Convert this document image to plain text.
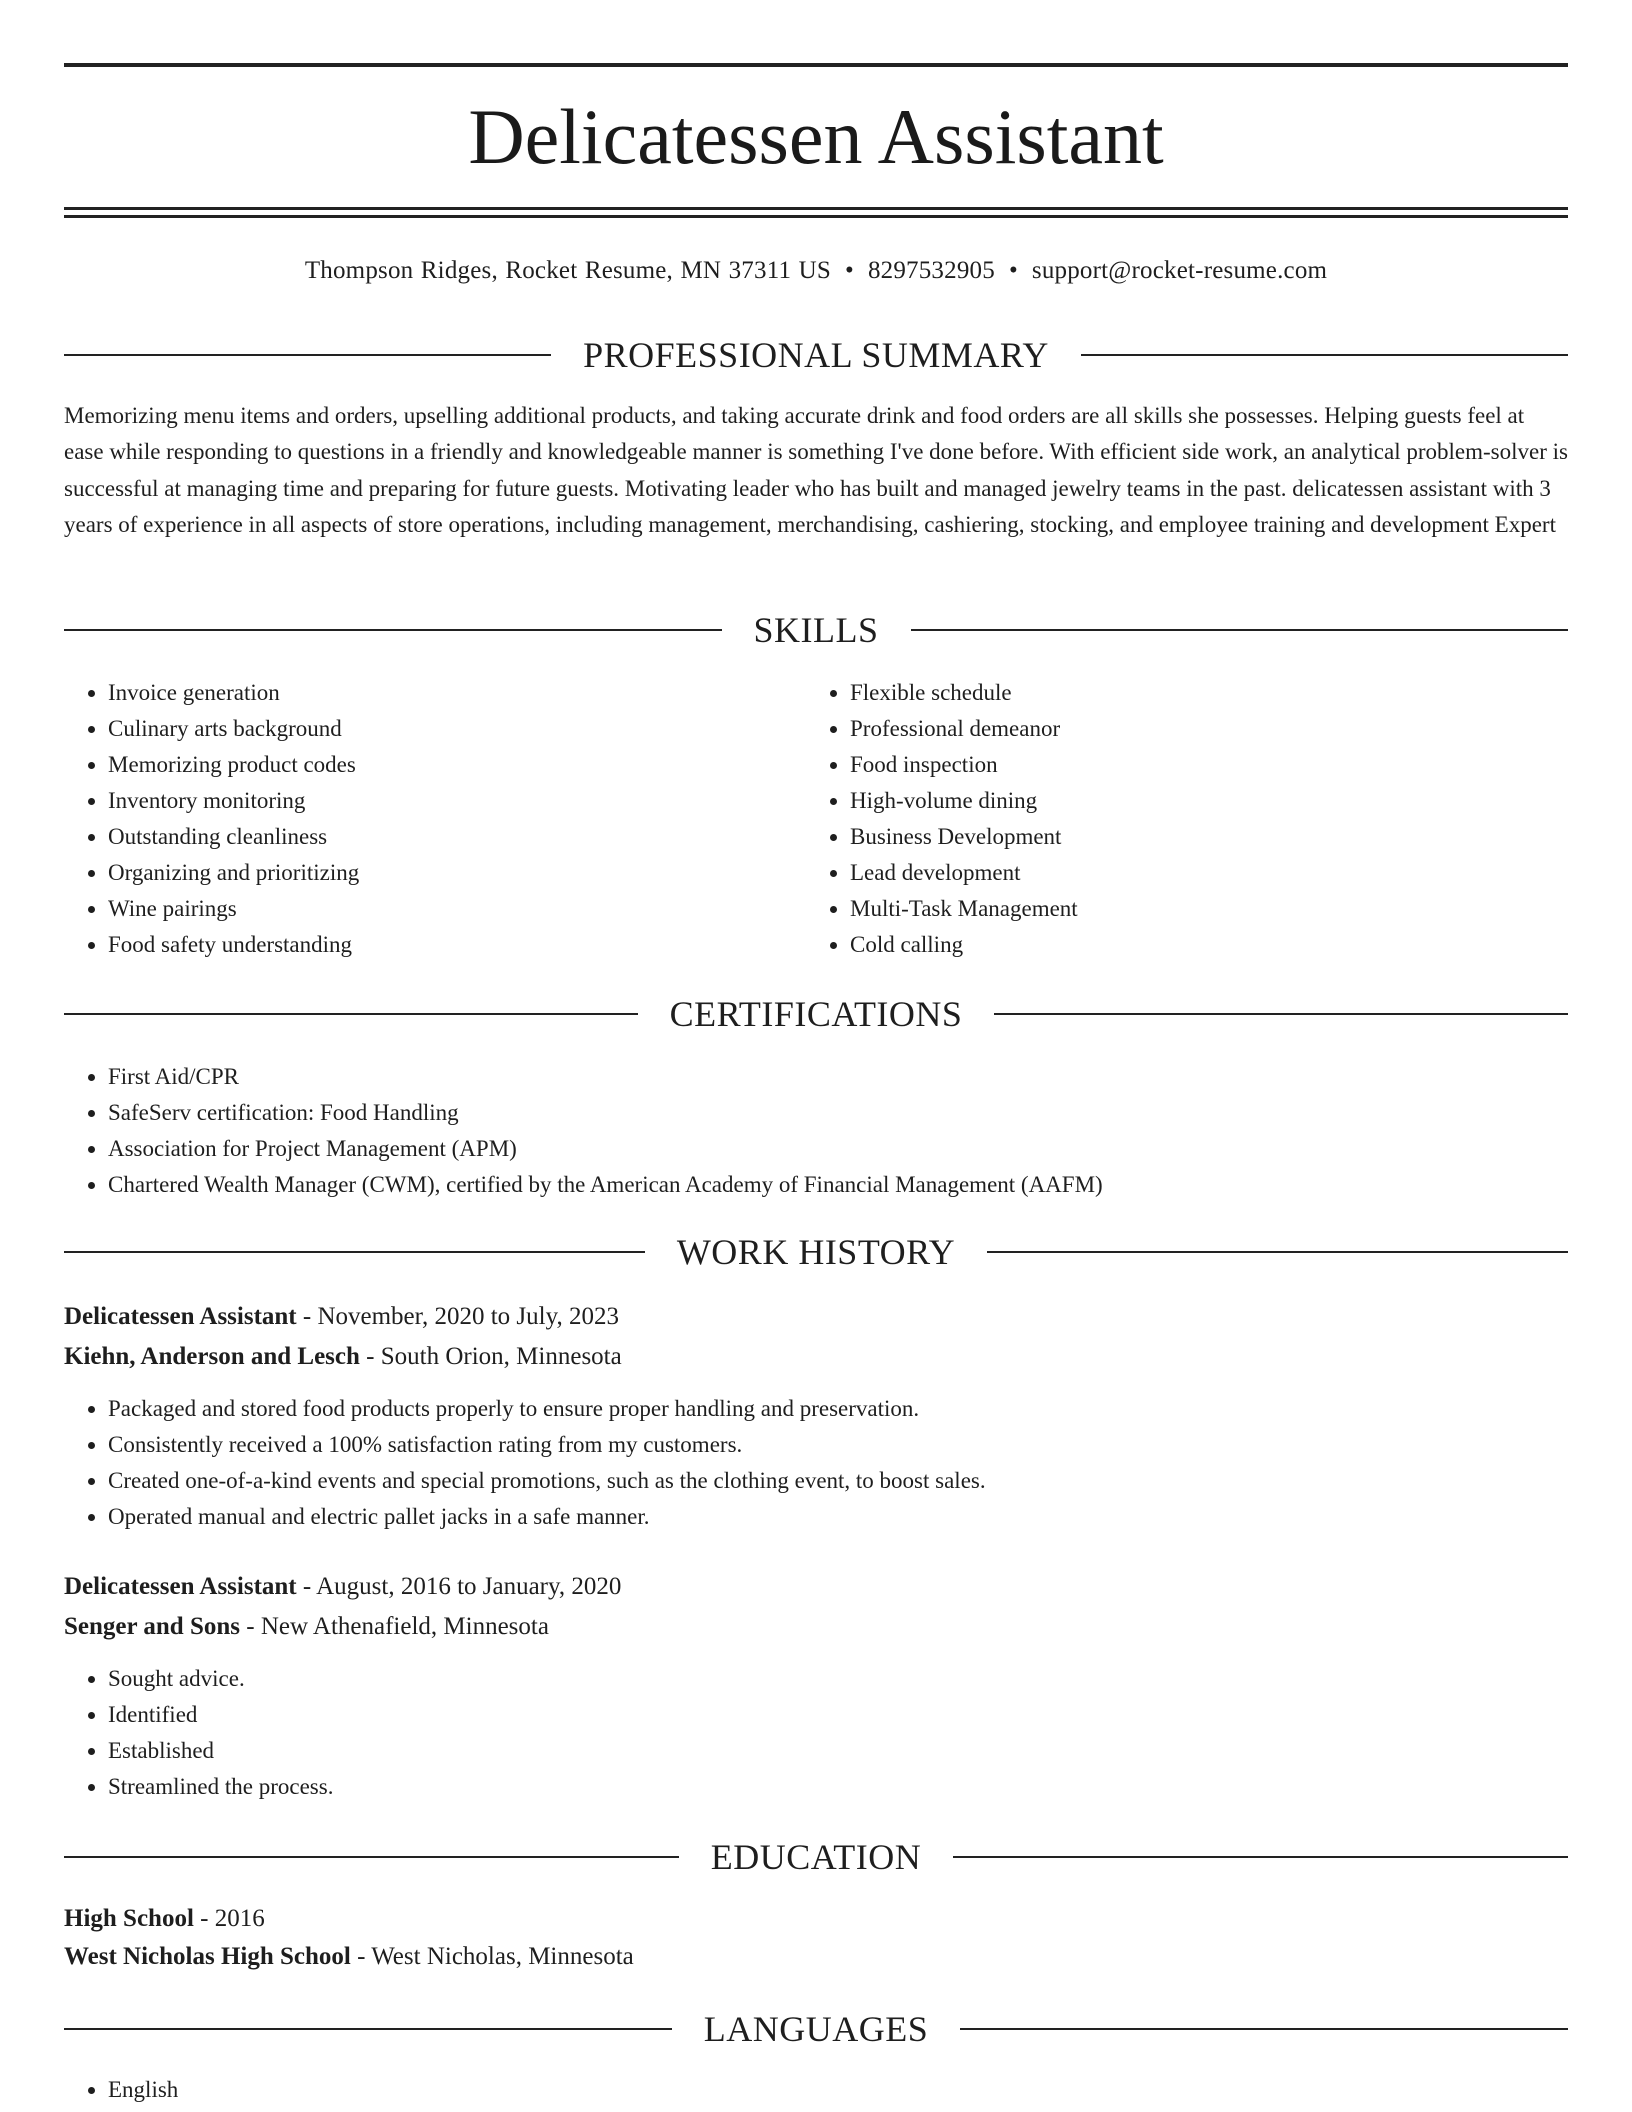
Delicatessen Assistant
Thompson Ridges, Rocket Resume, MN 37311 US • 8297532905 • support@rocket-resume.com
PROFESSIONAL SUMMARY

Memorizing menu items and orders, upselling additional products, and taking accurate drink and food orders are all skills she possesses. Helping guests feel at ease while responding to questions in a friendly and knowledgeable manner is something I've done before. With efficient side work, an analytical problem-solver is successful at managing time and preparing for future guests. Motivating leader who has built and managed jewelry teams in the past. delicatessen assistant with 3 years of experience in all aspects of store operations, including management, merchandising, cashiering, stocking, and employee training and development Expert

SKILLS
• Invoice generation
• Culinary arts background
• Memorizing product codes
• Inventory monitoring
• Outstanding cleanliness
• Organizing and prioritizing
• Wine pairings
• Food safety understanding
• Flexible schedule
• Professional demeanor
• Food inspection
• High-volume dining
• Business Development
• Lead development
• Multi-Task Management
• Cold calling
CERTIFICATIONS
• First Aid/CPR
• SafeServ certification: Food Handling
• Association for Project Management (APM)
• Chartered Wealth Manager (CWM), certified by the American Academy of Financial Management (AAFM)
WORK HISTORY
Delicatessen Assistant - November, 2020 to July, 2023
Kiehn, Anderson and Lesch - South Orion, Minnesota
• Packaged and stored food products properly to ensure proper handling and preservation.
• Consistently received a 100% satisfaction rating from my customers.
• Created one-of-a-kind events and special promotions, such as the clothing event, to boost sales.
• Operated manual and electric pallet jacks in a safe manner.
Delicatessen Assistant - August, 2016 to January, 2020
Senger and Sons - New Athenafield, Minnesota
• Sought advice.
• Identified
• Established
• Streamlined the process.
EDUCATION
High School - 2016
West Nicholas High School - West Nicholas, Minnesota
LANGUAGES
• English
